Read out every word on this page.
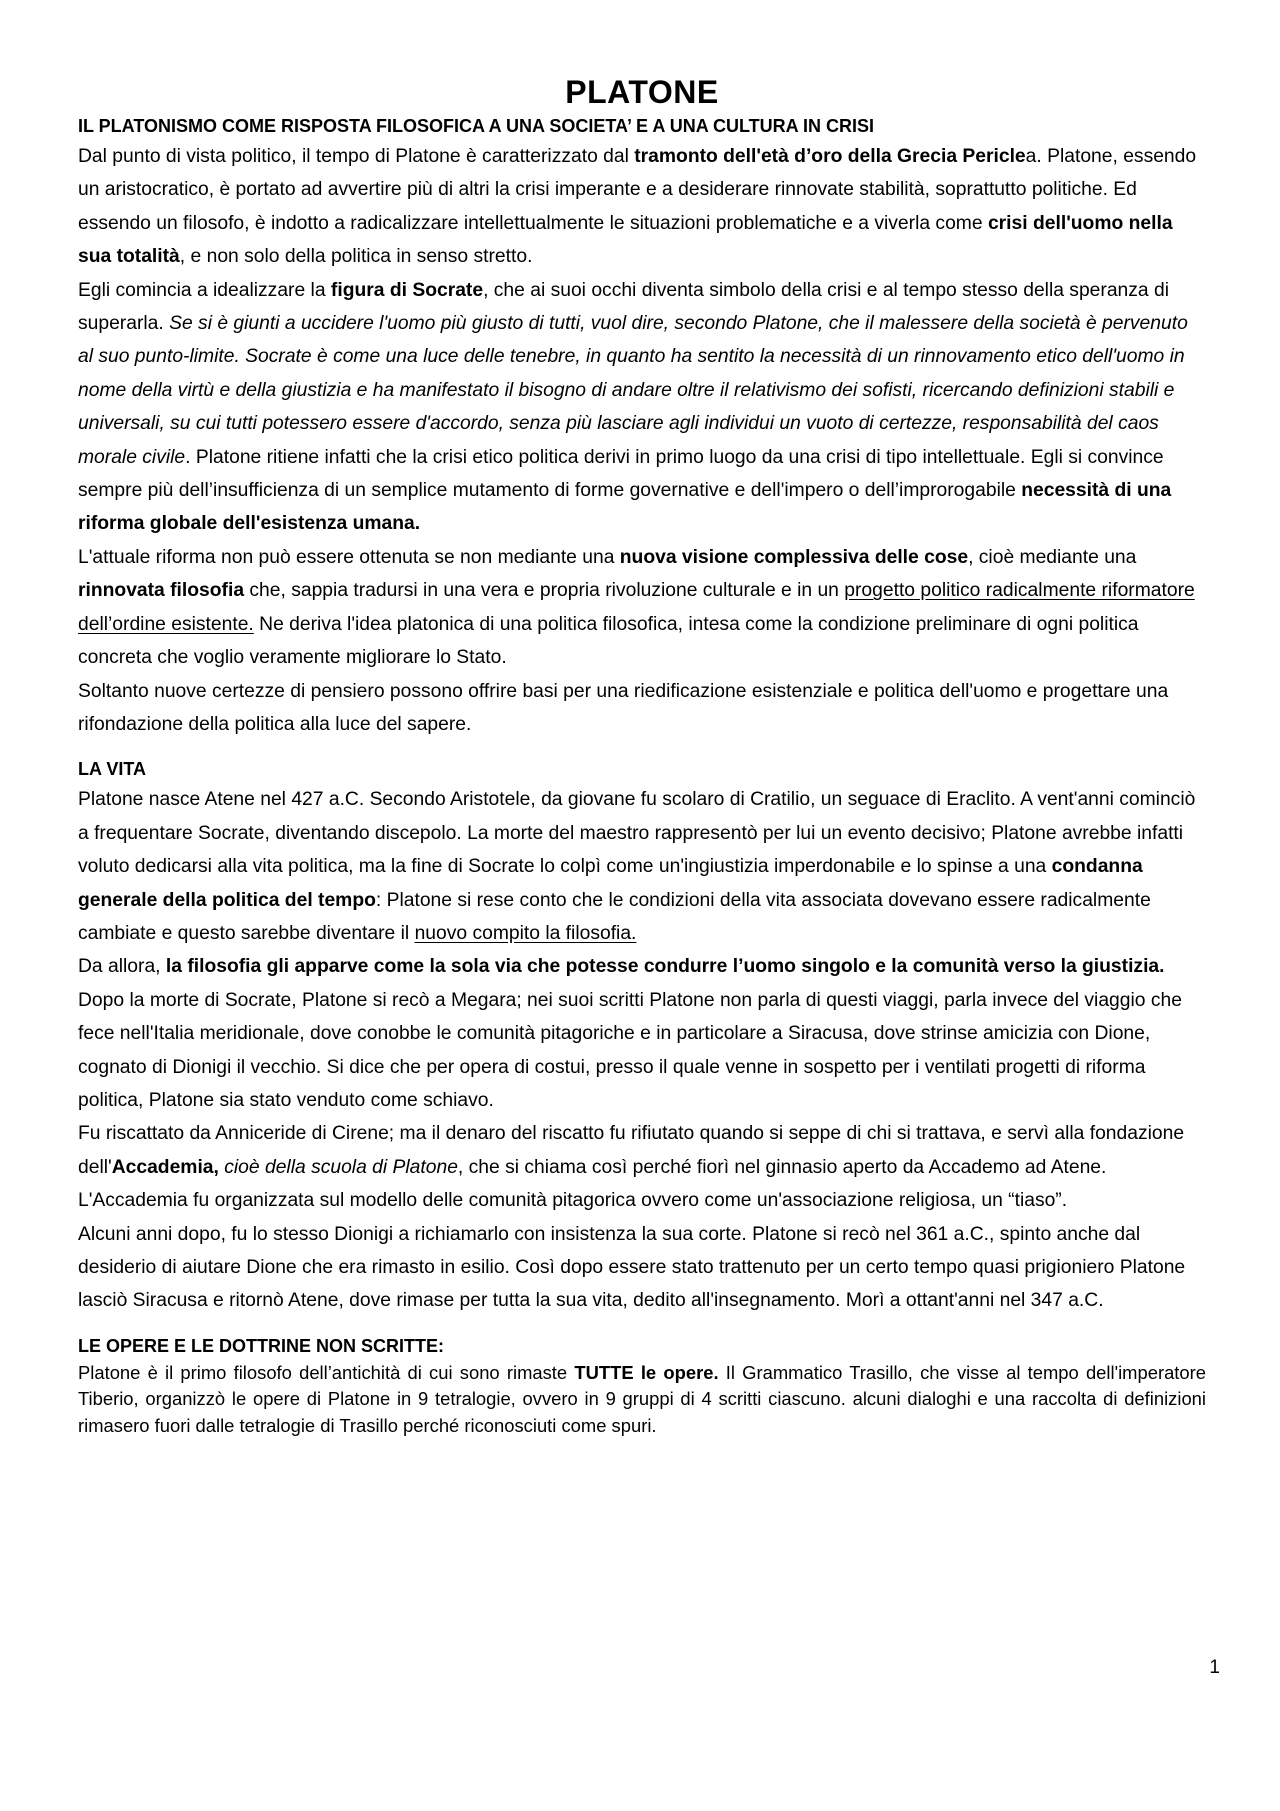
PLATONE
IL PLATONISMO COME RISPOSTA FILOSOFICA A UNA SOCIETA’ E A UNA CULTURA IN CRISI

Dal punto di vista politico, il tempo di Platone è caratterizzato dal tramonto dell'età d’oro della Grecia Periclea. Platone, essendo un aristocratico, è portato ad avvertire più di altri la crisi imperante e a desiderare rinnovate stabilità, soprattutto politiche. Ed essendo un filosofo, è indotto a radicalizzare intellettualmente le situazioni problematiche e a viverla come crisi dell'uomo nella sua totalità, e non solo della politica in senso stretto.

Egli comincia a idealizzare la figura di Socrate, che ai suoi occhi diventa simbolo della crisi e al tempo stesso della speranza di superarla. Se si è giunti a uccidere l'uomo più giusto di tutti, vuol dire, secondo Platone, che il malessere della società è pervenuto al suo punto-limite. Socrate è come una luce delle tenebre, in quanto ha sentito la necessità di un rinnovamento etico dell'uomo in nome della virtù e della giustizia e ha manifestato il bisogno di andare oltre il relativismo dei sofisti, ricercando definizioni stabili e universali, su cui tutti potessero essere d'accordo, senza più lasciare agli individui un vuoto di certezze, responsabilità del caos morale civile. Platone ritiene infatti che la crisi etico politica derivi in primo luogo da una crisi di tipo intellettuale. Egli si convince sempre più dell’insufficienza di un semplice mutamento di forme governative e dell'impero o dell’improrogabile necessità di una riforma globale dell'esistenza umana.

L'attuale riforma non può essere ottenuta se non mediante una nuova visione complessiva delle cose, cioè mediante una rinnovata filosofia che, sappia tradursi in una vera e propria rivoluzione culturale e in un progetto politico radicalmente riformatore dell’ordine esistente. Ne deriva l'idea platonica di una politica filosofica, intesa come la condizione preliminare di ogni politica concreta che voglio veramente migliorare lo Stato.

Soltanto nuove certezze di pensiero possono offrire basi per una riedificazione esistenziale e politica dell'uomo e progettare una rifondazione della politica alla luce del sapere.

LA VITA

Platone nasce Atene nel 427 a.C. Secondo Aristotele, da giovane fu scolaro di Cratilio, un seguace di Eraclito. A vent'anni cominciò a frequentare Socrate, diventando discepolo. La morte del maestro rappresentò per lui un evento decisivo; Platone avrebbe infatti voluto dedicarsi alla vita politica, ma la fine di Socrate lo colpì come un'ingiustizia imperdonabile e lo spinse a una condanna generale della politica del tempo: Platone si rese conto che le condizioni della vita associata dovevano essere radicalmente cambiate e questo sarebbe diventare il nuovo compito la filosofia.

Da allora, la filosofia gli apparve come la sola via che potesse condurre l’uomo singolo e la comunità verso la giustizia.

Dopo la morte di Socrate, Platone si recò a Megara; nei suoi scritti Platone non parla di questi viaggi, parla invece del viaggio che fece nell'Italia meridionale, dove conobbe le comunità pitagoriche e in particolare a Siracusa, dove strinse amicizia con Dione, cognato di Dionigi il vecchio. Si dice che per opera di costui, presso il quale venne in sospetto per i ventilati progetti di riforma politica, Platone sia stato venduto come schiavo.

Fu riscattato da Anniceride di Cirene; ma il denaro del riscatto fu rifiutato quando si seppe di chi si trattava, e servì alla fondazione dell'Accademia, cioè della scuola di Platone, che si chiama così perché fiorì nel ginnasio aperto da Accademo ad Atene. L'Accademia fu organizzata sul modello delle comunità pitagorica ovvero come un'associazione religiosa, un “tiaso”.

Alcuni anni dopo, fu lo stesso Dionigi a richiamarlo con insistenza la sua corte. Platone si recò nel 361 a.C., spinto anche dal desiderio di aiutare Dione che era rimasto in esilio. Così dopo essere stato trattenuto per un certo tempo quasi prigioniero Platone lasciò Siracusa e ritornò Atene, dove rimase per tutta la sua vita, dedito all'insegnamento. Morì a ottant'anni nel 347 a.C.

LE OPERE E LE DOTTRINE NON SCRITTE:

Platone è il primo filosofo dell’antichità di cui sono rimaste TUTTE le opere. Il Grammatico Trasillo, che visse al tempo dell'imperatore Tiberio, organizzò le opere di Platone in 9 tetralogie, ovvero in 9 gruppi di 4 scritti ciascuno. alcuni dialoghi e una raccolta di definizioni rimasero fuori dalle tetralogie di Trasillo perché riconosciuti come spuri.

1
